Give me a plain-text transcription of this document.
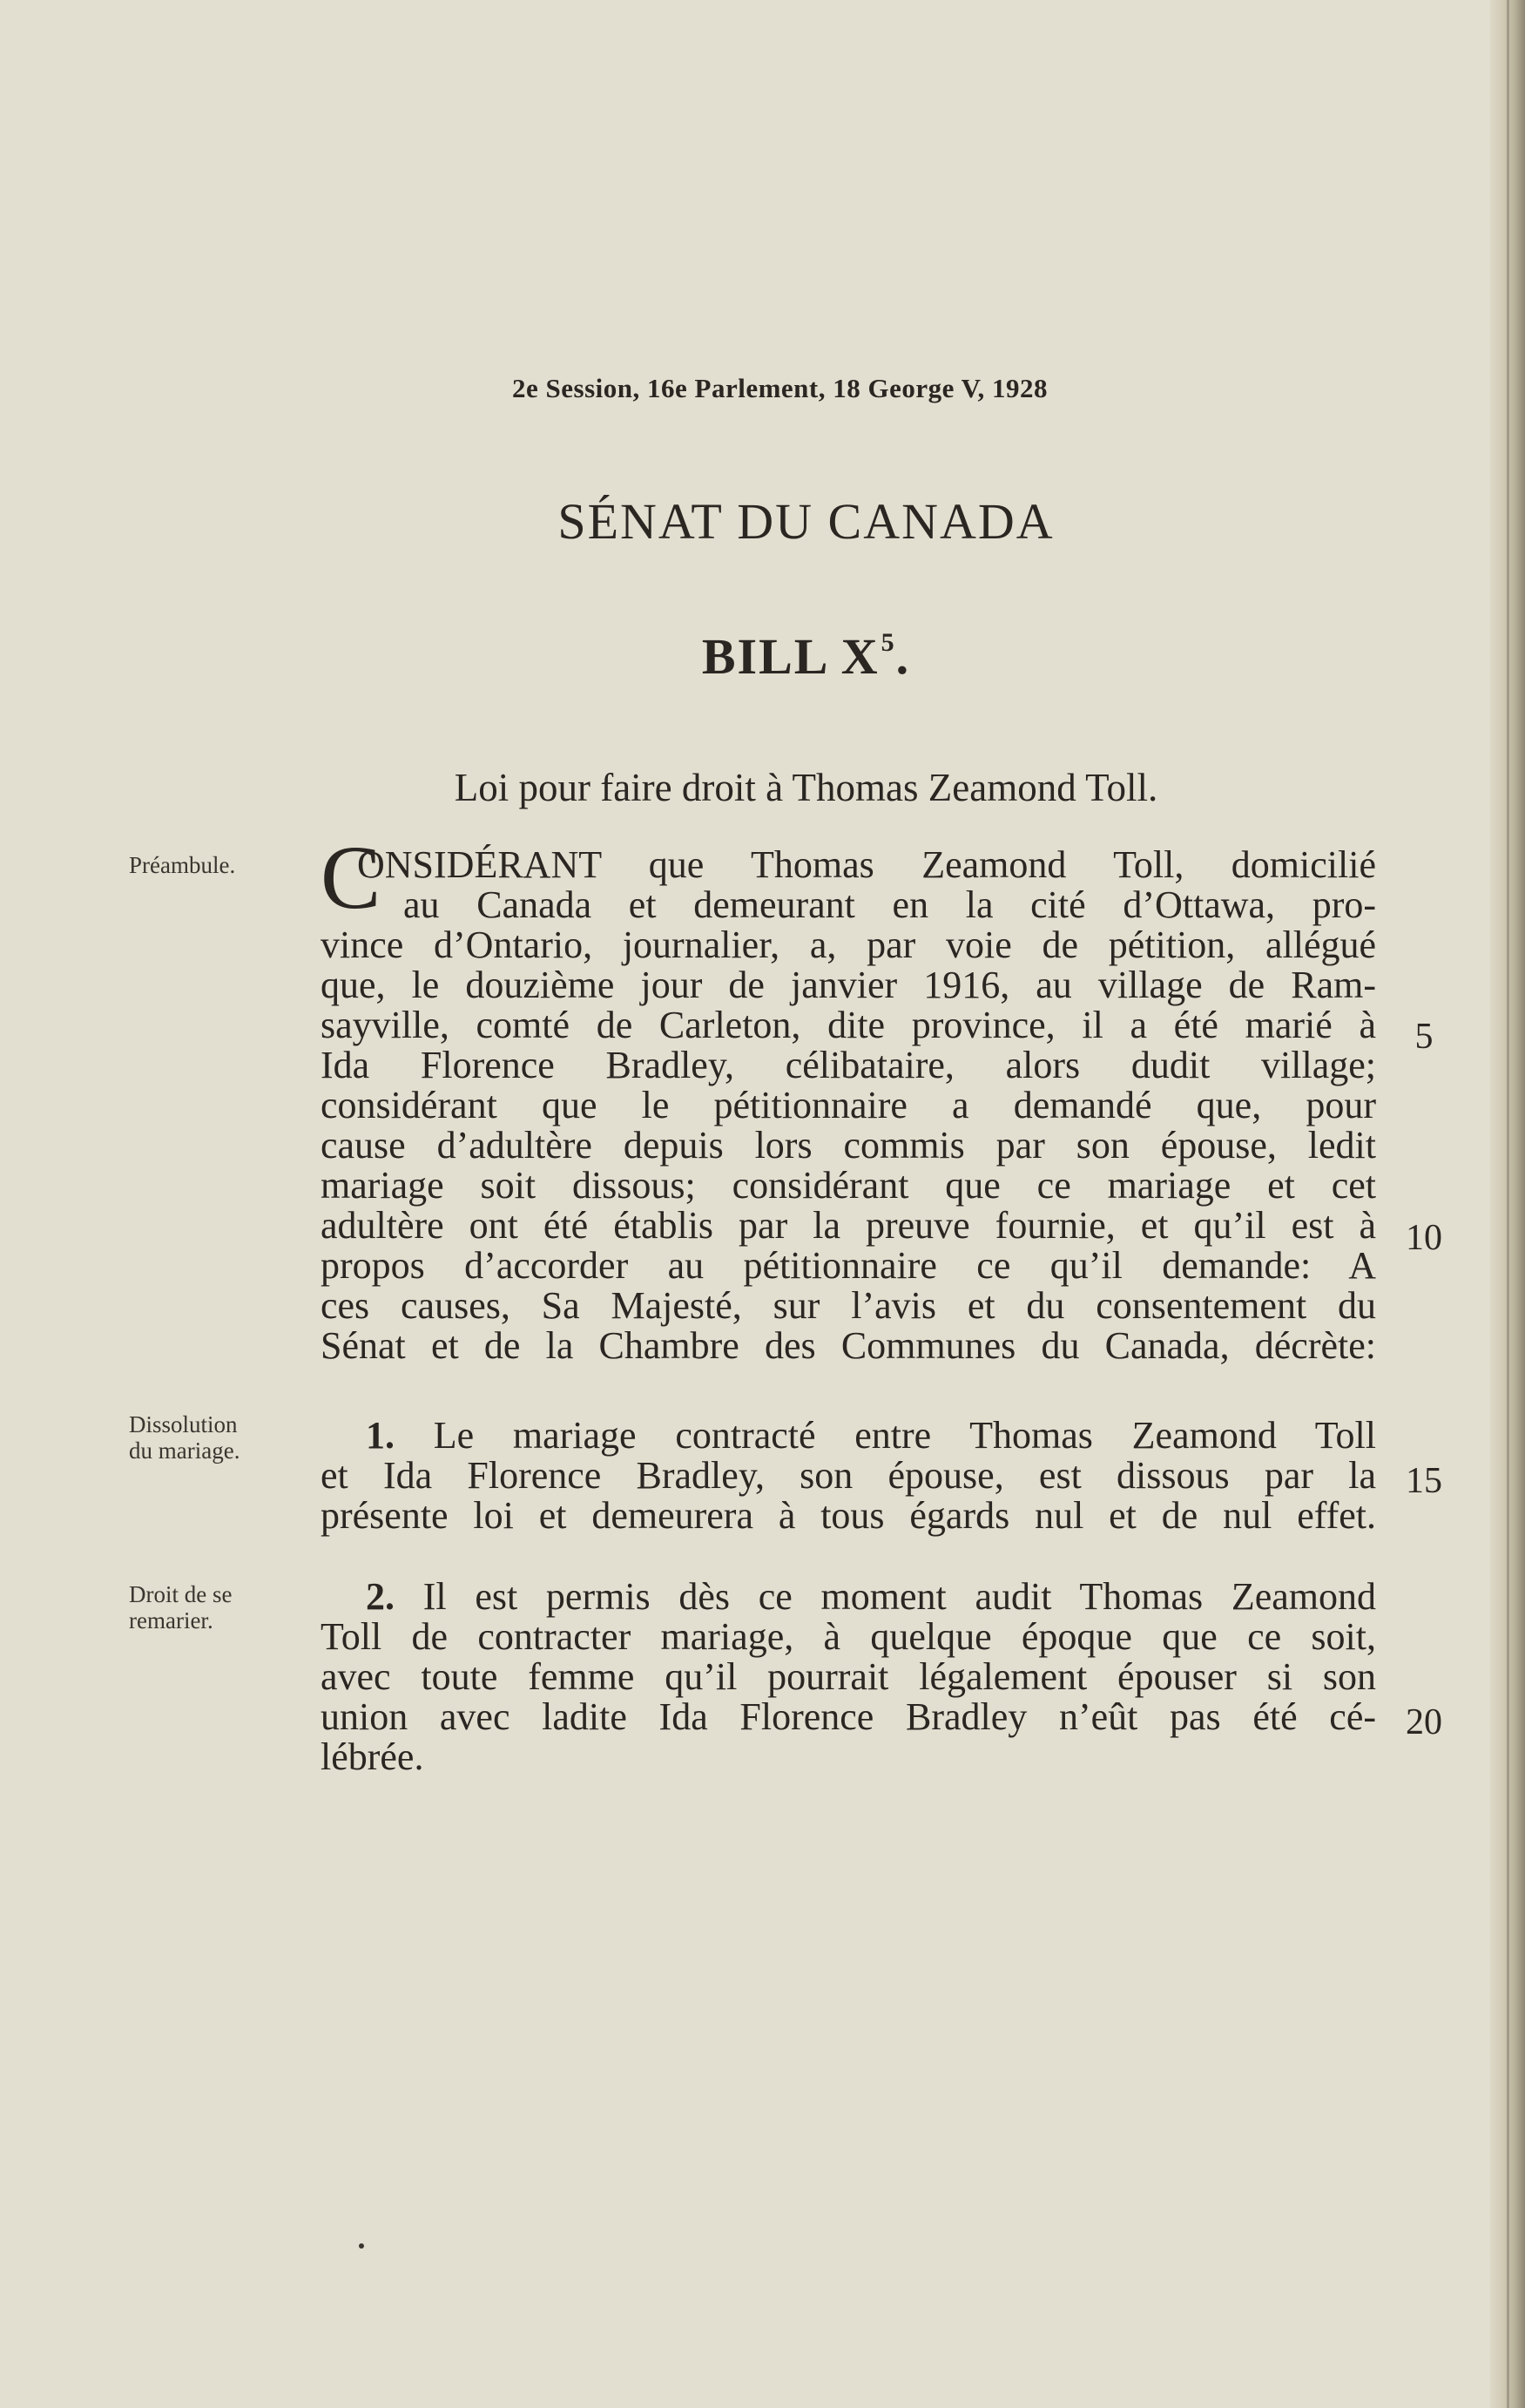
2e Session, 16e Parlement, 18 George V, 1928
SÉNAT DU CANADA
BILL $X^5$.
Loi pour faire droit à Thomas Zeamond Toll.
Préambule. C
ONSIDÉRANT que Thomas Zeamond Toll, domicilié
au Canada et demeurant en la cité d’Ottawa, pro-
vince d’Ontario, journalier, a, par voie de pétition, allégué
que, le douzième jour de janvier 1916, au village de Ram-
sayville, comté de Carleton, dite province, il a été marié à
Ida Florence Bradley, célibataire, alors dudit village;
considérant que le pétitionnaire a demandé que, pour
cause d’adultère depuis lors commis par son épouse, ledit
mariage soit dissous; considérant que ce mariage et cet
adultère ont été établis par la preuve fournie, et qu’il est à
propos d’accorder au pétitionnaire ce qu’il demande: A
ces causes, Sa Majesté, sur l’avis et du consentement du
Sénat et de la Chambre des Communes du Canada, décrète:
Dissolution
du mariage.	1. Le mariage contracté entre Thomas Zeamond Toll
et Ida Florence Bradley, son épouse, est dissous par la
présente loi et demeurera à tous égards nul et de nul effet.
Droit de se
remarier.
2. Il est permis dès ce moment audit Thomas Zeamond
Toll de contracter mariage, à quelque époque que ce soit,
avec toute femme qu’il pourrait légalement épouser si son
union avec ladite Ida Florence Bradley n’eût pas été cé-
lébrée.
5
10
15
20
